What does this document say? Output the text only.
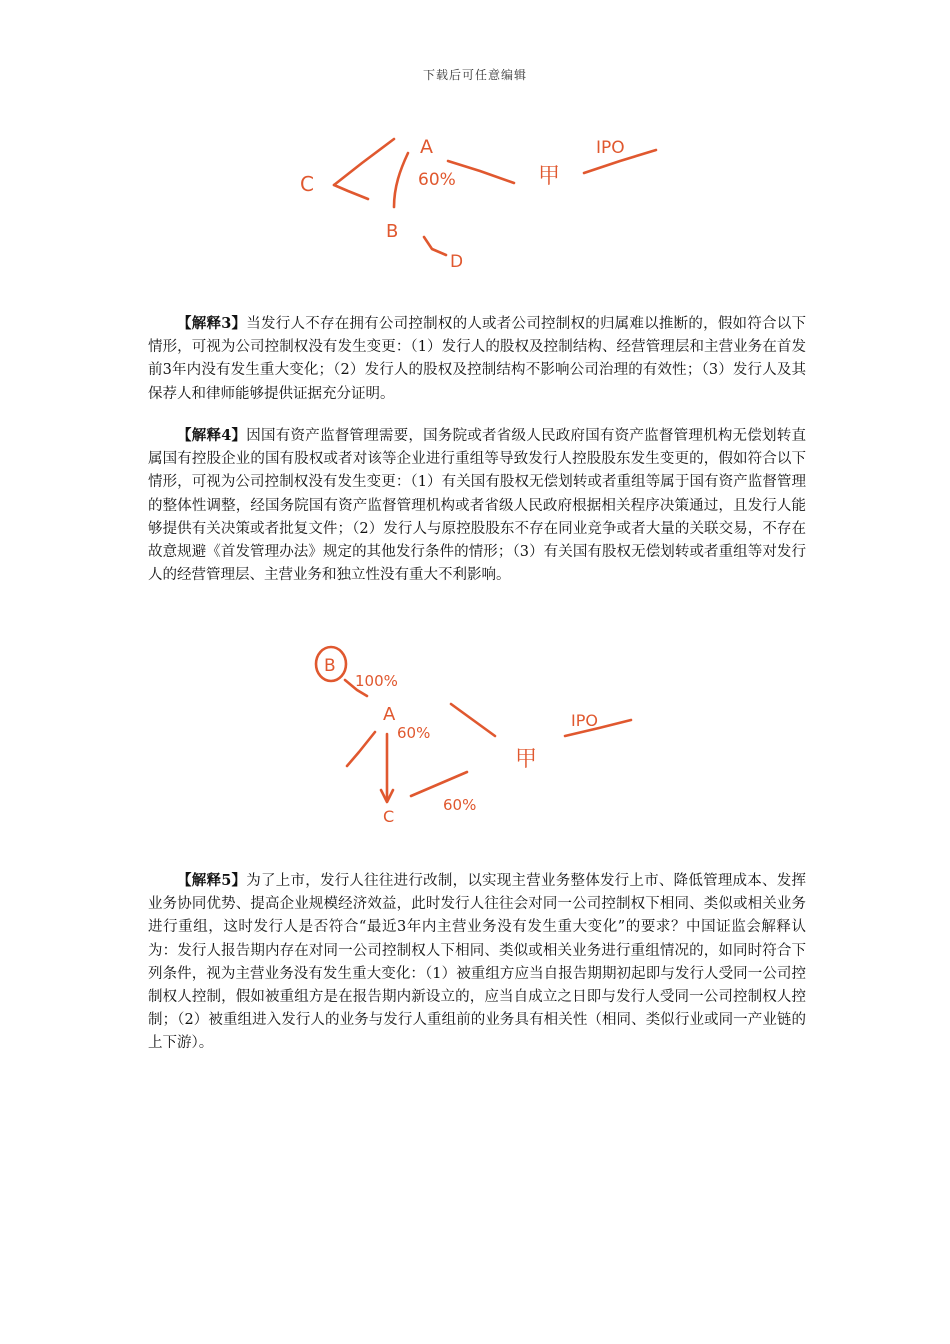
下载后可任意编辑
C
A
60%	甲
IPO
B
D

【解释3】当发行人不存在拥有公司控制权的人或者公司控制权的归属难以推断的，假如符合以下情形，可视为公司控制权没有发生变更：（1）发行人的股权及控制结构、经营管理层和主营业务在首发前3年内没有发生重大变化；（2）发行人的股权及控制结构不影响公司治理的有效性；（3）发行人及其保荐人和律师能够提供证据充分证明。

【解释4】因国有资产监督管理需要，国务院或者省级人民政府国有资产监督管理机构无偿划转直属国有控股企业的国有股权或者对该等企业进行重组等导致发行人控股股东发生变更的，假如符合以下情形，可视为公司控制权没有发生变更：（1）有关国有股权无偿划转或者重组等属于国有资产监督管理的整体性调整，经国务院国有资产监督管理机构或者省级人民政府根据相关程序决策通过，且发行人能够提供有关决策或者批复文件；（2）发行人与原控股股东不存在同业竞争或者大量的关联交易，不存在故意规避《首发管理办法》规定的其他发行条件的情形；（3）有关国有股权无偿划转或者重组等对发行人的经营管理层、主营业务和独立性没有重大不利影响。

B
100%
A
60%
甲
IPO
60%
C

【解释5】为了上市，发行人往往进行改制，以实现主营业务整体发行上市、降低管理成本、发挥业务协同优势、提高企业规模经济效益，此时发行人往往会对同一公司控制权下相同、类似或相关业务进行重组，这时发行人是否符合“最近3年内主营业务没有发生重大变化”的要求？中国证监会解释认为：发行人报告期内存在对同一公司控制权人下相同、类似或相关业务进行重组情况的，如同时符合下列条件，视为主营业务没有发生重大变化：（1）被重组方应当自报告期期初起即与发行人受同一公司控制权人控制，假如被重组方是在报告期内新设立的，应当自成立之日即与发行人受同一公司控制权人控制；（2）被重组进入发行人的业务与发行人重组前的业务具有相关性（相同、类似行业或同一产业链的上下游）。
